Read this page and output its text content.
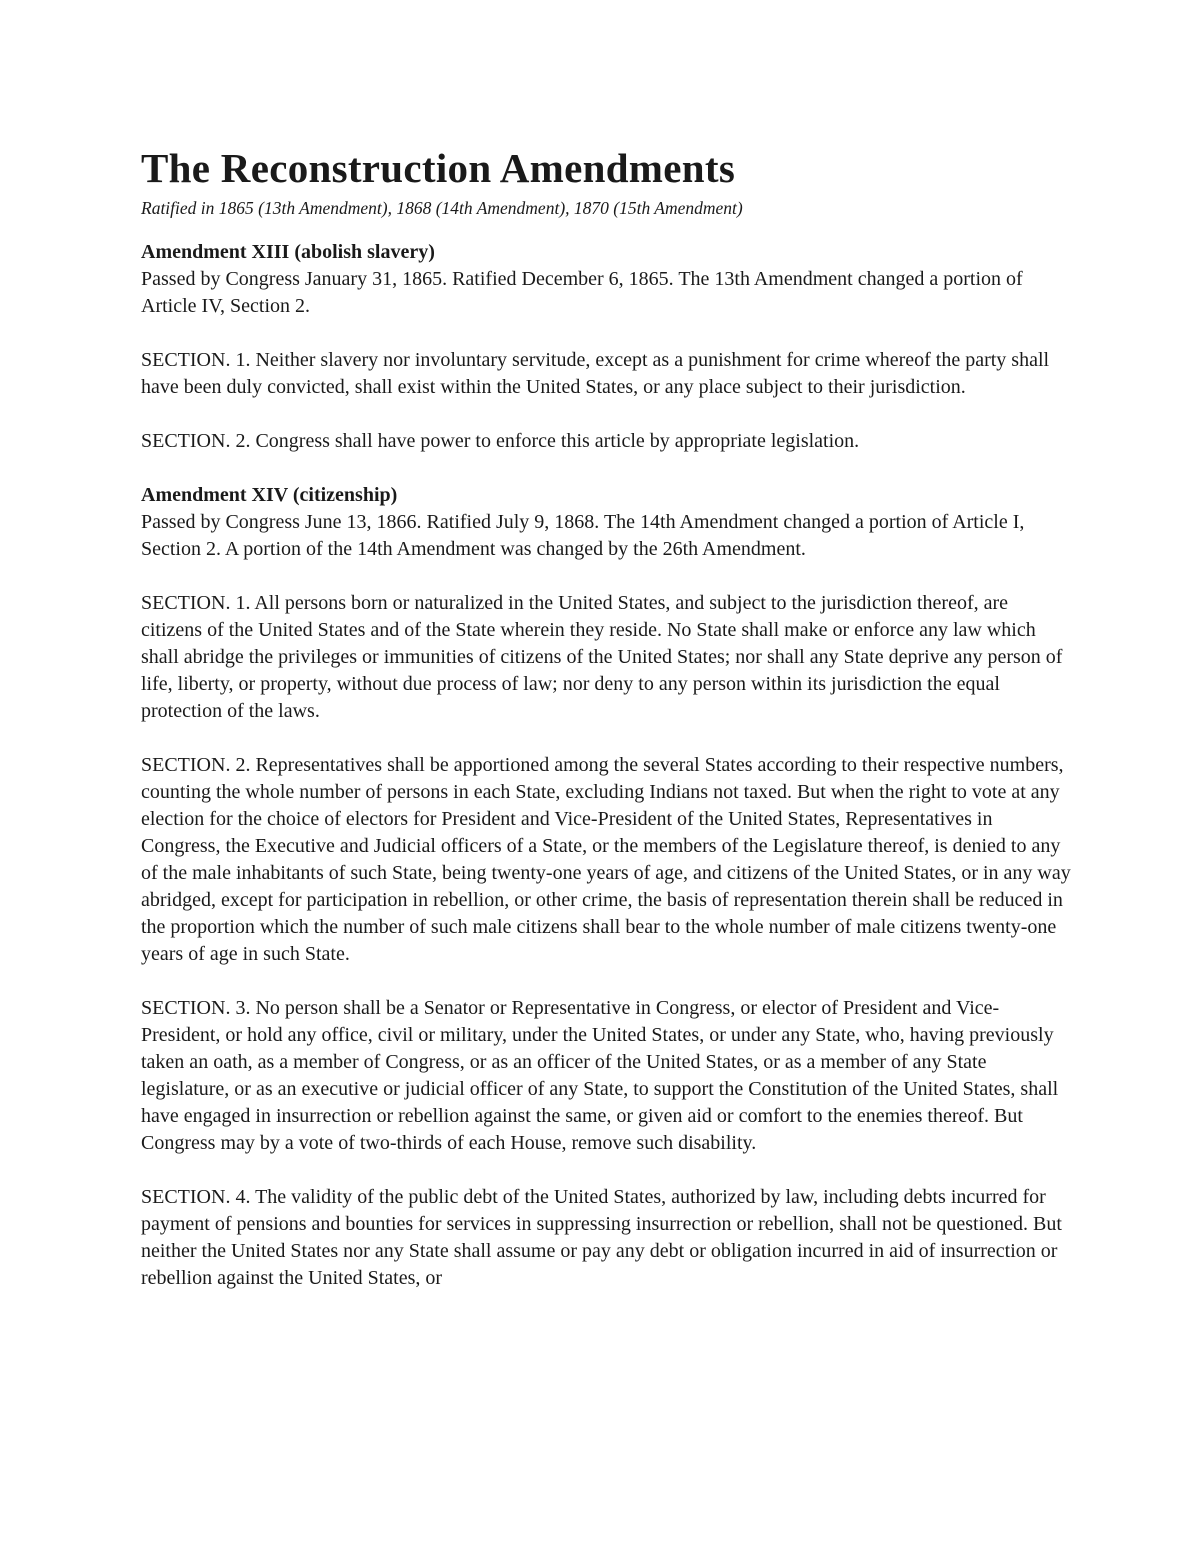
The Reconstruction Amendments

Ratified in 1865 (13th Amendment), 1868 (14th Amendment), 1870 (15th Amendment)

Amendment XIII (abolish slavery)

Passed by Congress January 31, 1865. Ratified December 6, 1865. The 13th Amendment changed a portion of Article IV, Section 2.

SECTION. 1. Neither slavery nor involuntary servitude, except as a punishment for crime whereof the party shall have been duly convicted, shall exist within the United States, or any place subject to their jurisdiction.

SECTION. 2. Congress shall have power to enforce this article by appropriate legislation.

Amendment XIV (citizenship)

Passed by Congress June 13, 1866. Ratified July 9, 1868. The 14th Amendment changed a portion of Article I, Section 2. A portion of the 14th Amendment was changed by the 26th Amendment.

SECTION. 1. All persons born or naturalized in the United States, and subject to the jurisdiction thereof, are citizens of the United States and of the State wherein they reside. No State shall make or enforce any law which shall abridge the privileges or immunities of citizens of the United States; nor shall any State deprive any person of life, liberty, or property, without due process of law; nor deny to any person within its jurisdiction the equal protection of the laws.

SECTION. 2. Representatives shall be apportioned among the several States according to their respective numbers, counting the whole number of persons in each State, excluding Indians not taxed. But when the right to vote at any election for the choice of electors for President and Vice-President of the United States, Representatives in Congress, the Executive and Judicial officers of a State, or the members of the Legislature thereof, is denied to any of the male inhabitants of such State, being twenty-one years of age, and citizens of the United States, or in any way abridged, except for participation in rebellion, or other crime, the basis of representation therein shall be reduced in the proportion which the number of such male citizens shall bear to the whole number of male citizens twenty-one years of age in such State.

SECTION. 3. No person shall be a Senator or Representative in Congress, or elector of President and Vice-President, or hold any office, civil or military, under the United States, or under any State, who, having previously taken an oath, as a member of Congress, or as an officer of the United States, or as a member of any State legislature, or as an executive or judicial officer of any State, to support the Constitution of the United States, shall have engaged in insurrection or rebellion against the same, or given aid or comfort to the enemies thereof. But Congress may by a vote of two-thirds of each House, remove such disability.

SECTION. 4. The validity of the public debt of the United States, authorized by law, including debts incurred for payment of pensions and bounties for services in suppressing insurrection or rebellion, shall not be questioned. But neither the United States nor any State shall assume or pay any debt or obligation incurred in aid of insurrection or rebellion against the United States, or
